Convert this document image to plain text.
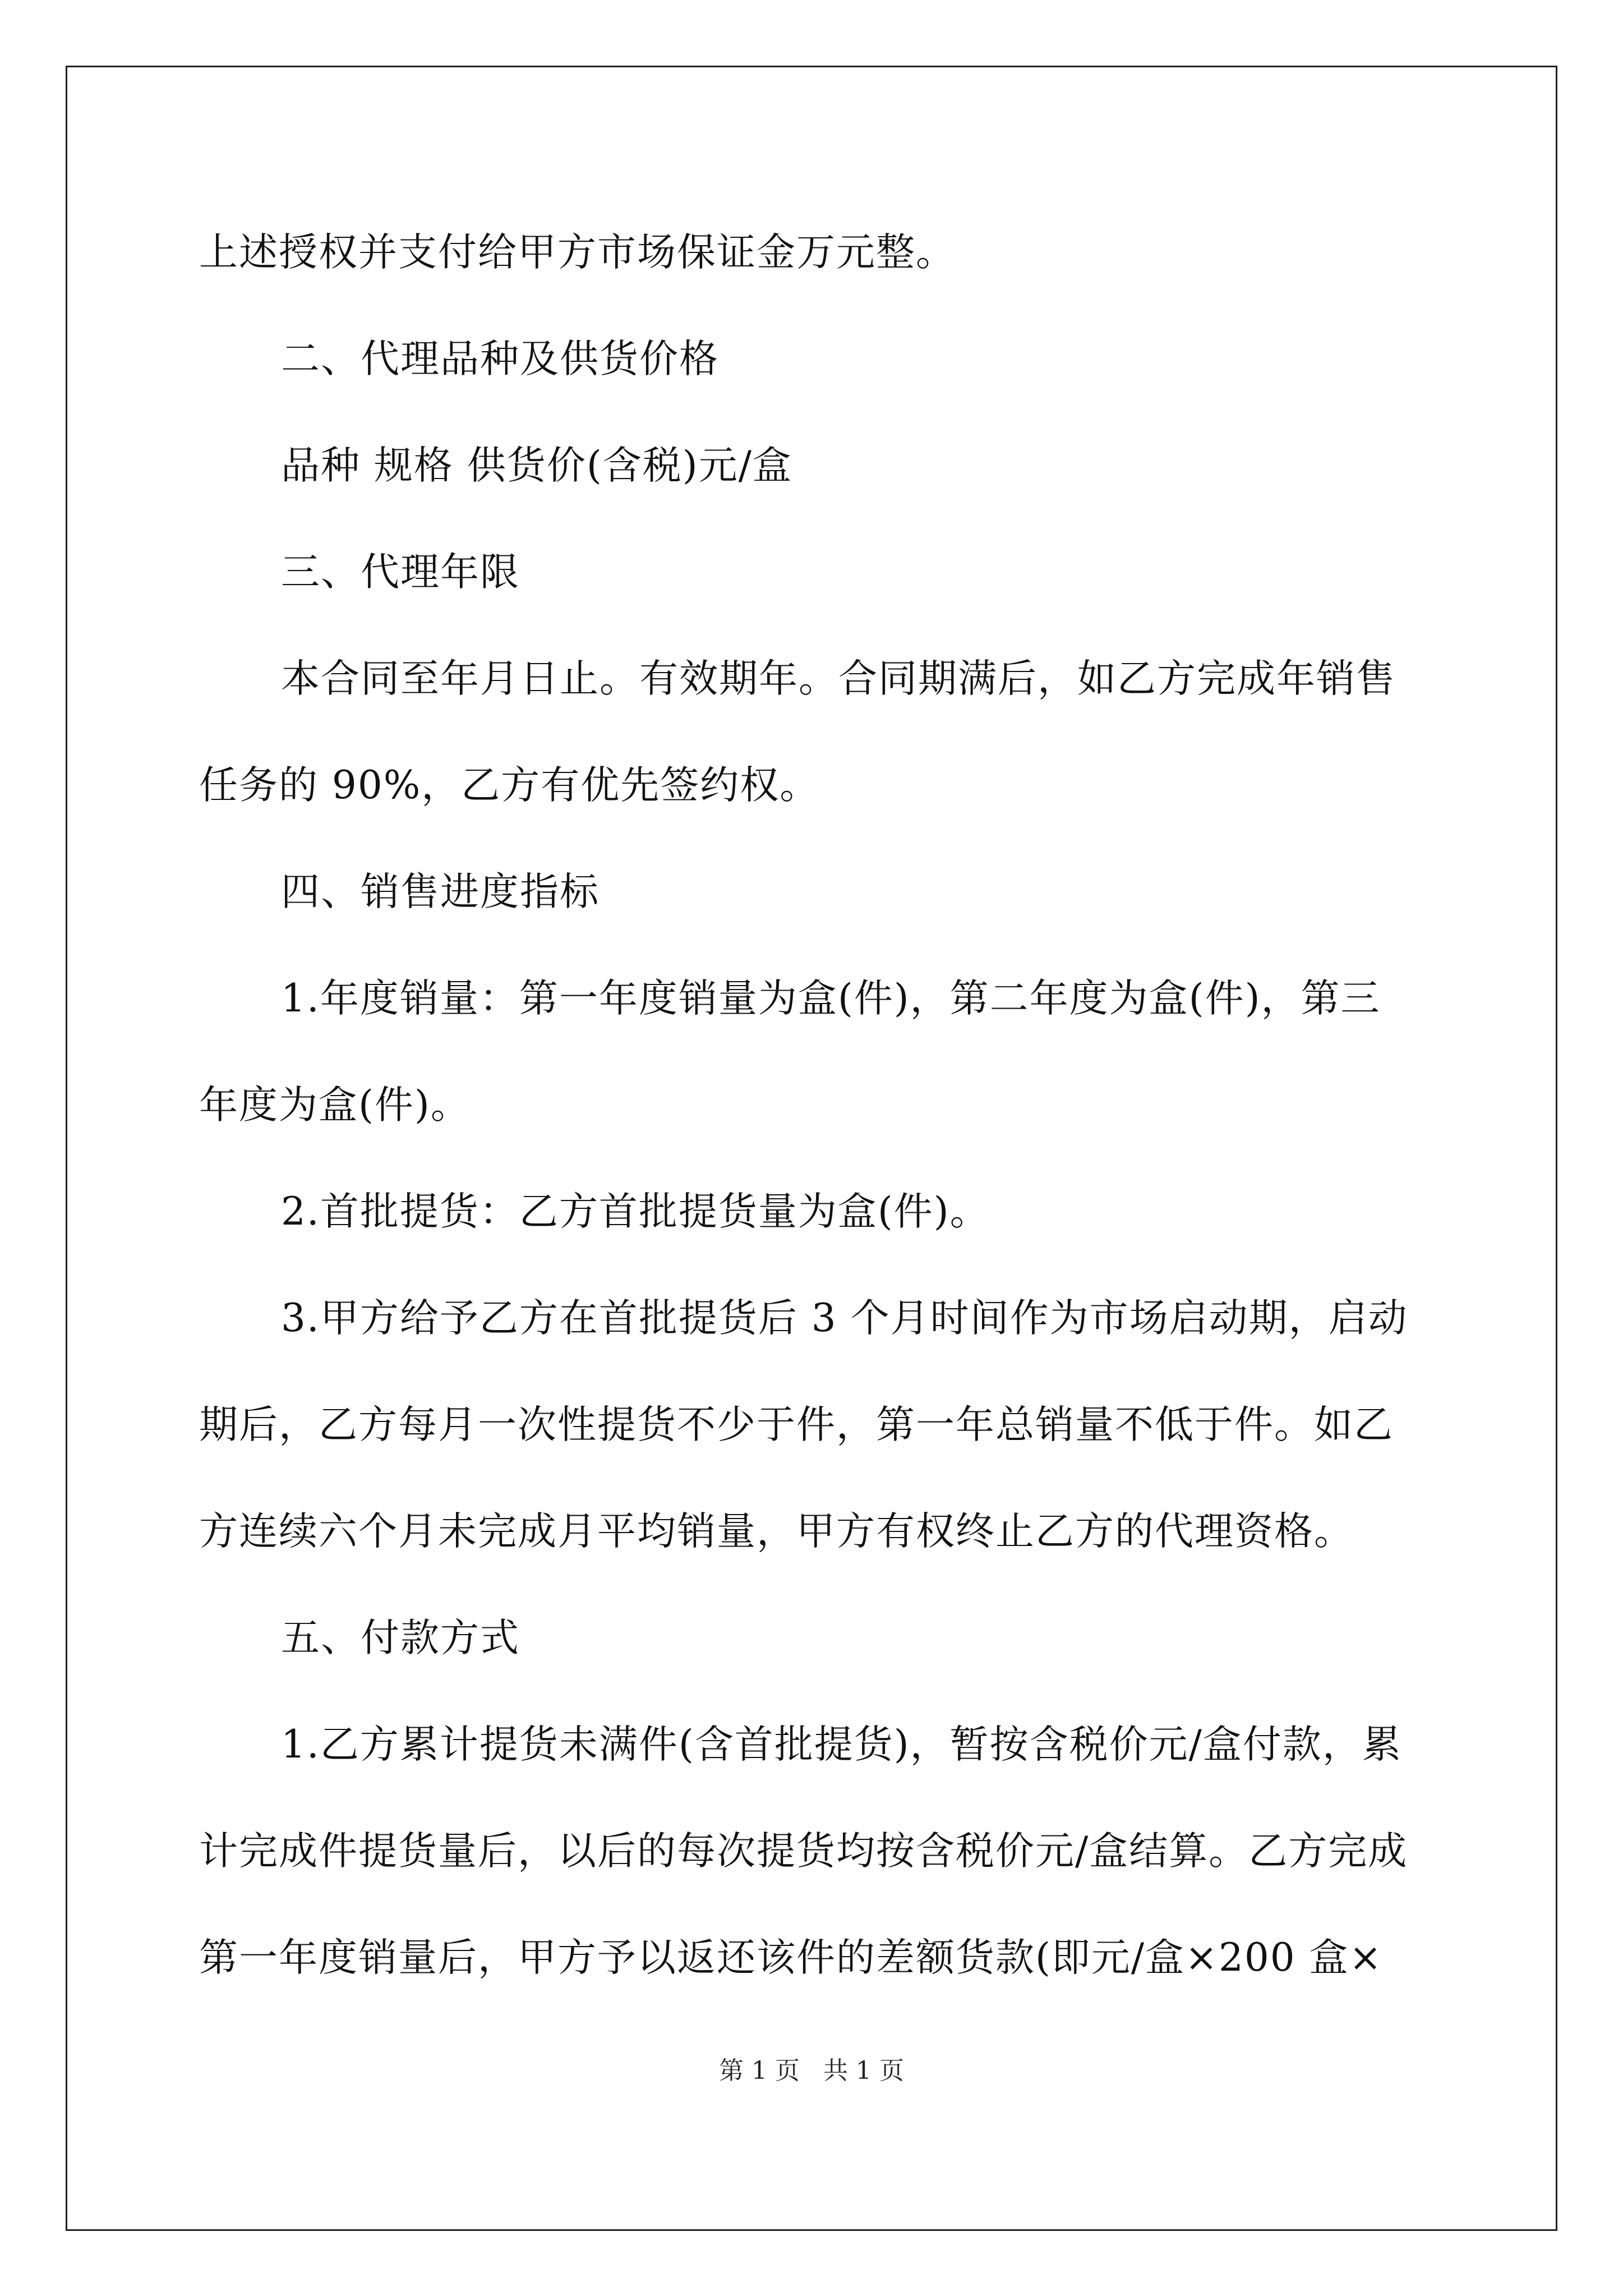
上述授权并支付给甲方市场保证金万元整。
二、代理品种及供货价格
品种 规格 供货价(含税)元/盒
三、代理年限
本合同至年月日止。有效期年。合同期满后，如乙方完成年销售
任务的 90%，乙方有优先签约权。
四、销售进度指标
1.年度销量：第一年度销量为盒(件)，第二年度为盒(件)，第三
年度为盒(件)。
2.首批提货：乙方首批提货量为盒(件)。
3.甲方给予乙方在首批提货后 3 个月时间作为市场启动期，启动
期后，乙方每月一次性提货不少于件，第一年总销量不低于件。如乙
方连续六个月未完成月平均销量，甲方有权终止乙方的代理资格。
五、付款方式
1.乙方累计提货未满件(含首批提货)，暂按含税价元/盒付款，累
计完成件提货量后，以后的每次提货均按含税价元/盒结算。乙方完成
第一年度销量后，甲方予以返还该件的差额货款(即元/盒×200 盒×
第 1 页 共 1 页
